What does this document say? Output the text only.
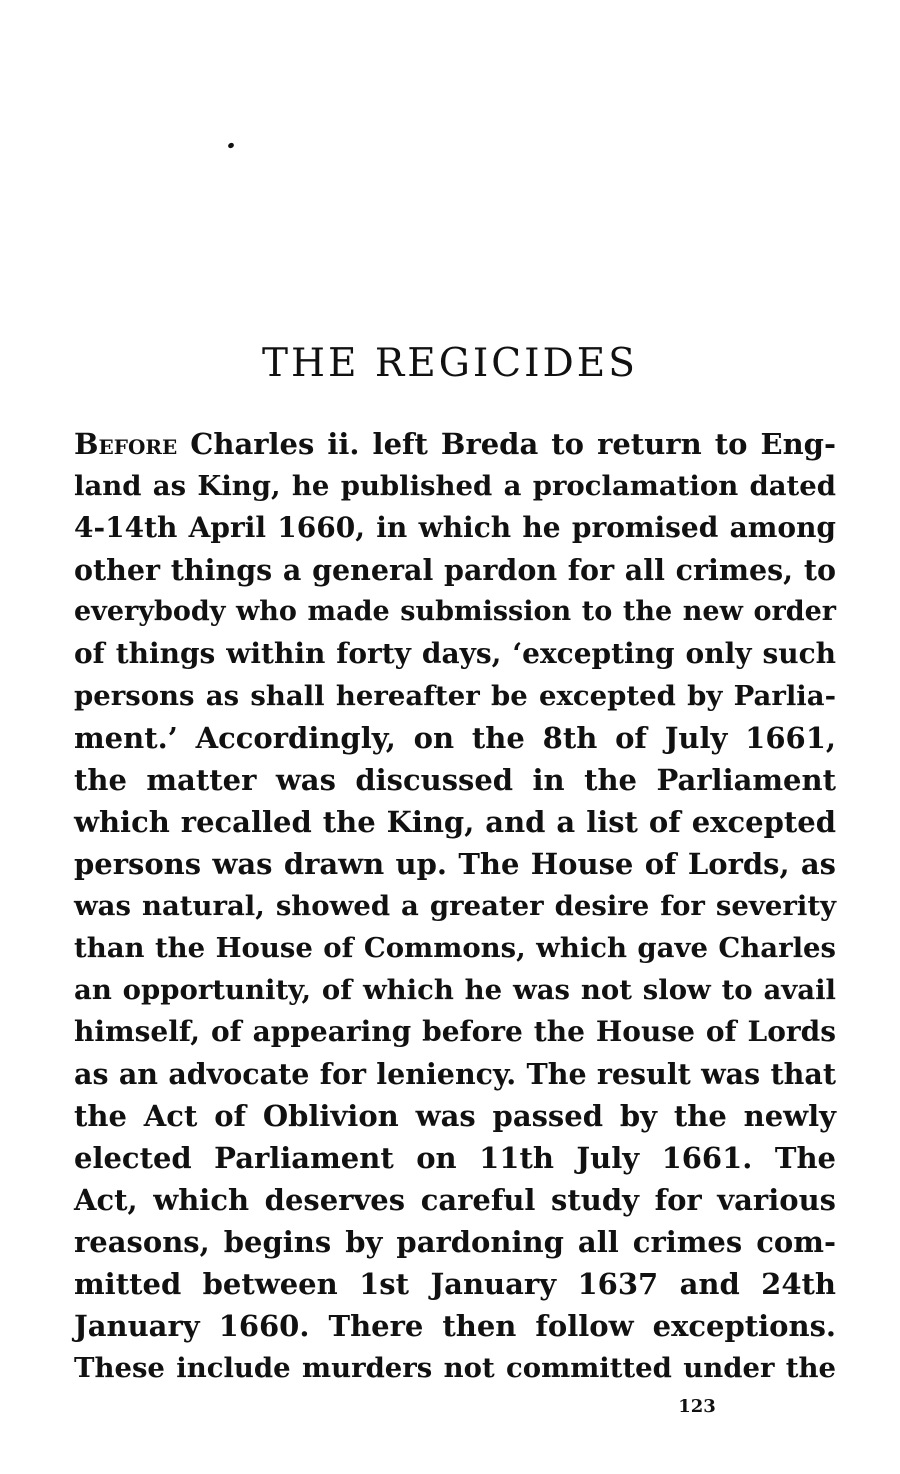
THE REGICIDES
Before Charles ii. left Breda to return to Eng-
land as King, he published a proclamation dated
4-14th April 1660, in which he promised among
other things a general pardon for all crimes, to
everybody who made submission to the new order
of things within forty days, ‘excepting only such
persons as shall hereafter be excepted by Parlia-
ment.’ Accordingly, on the 8th of July 1661,
the matter was discussed in the Parliament
which recalled the King, and a list of excepted
persons was drawn up. The House of Lords, as
was natural, showed a greater desire for severity
than the House of Commons, which gave Charles
an opportunity, of which he was not slow to avail
himself, of appearing before the House of Lords
as an advocate for leniency. The result was that
the Act of Oblivion was passed by the newly
elected Parliament on 11th July 1661. The
Act, which deserves careful study for various
reasons, begins by pardoning all crimes com-
mitted between 1st January 1637 and 24th
January 1660. There then follow exceptions.
These include murders not committed under the

123
